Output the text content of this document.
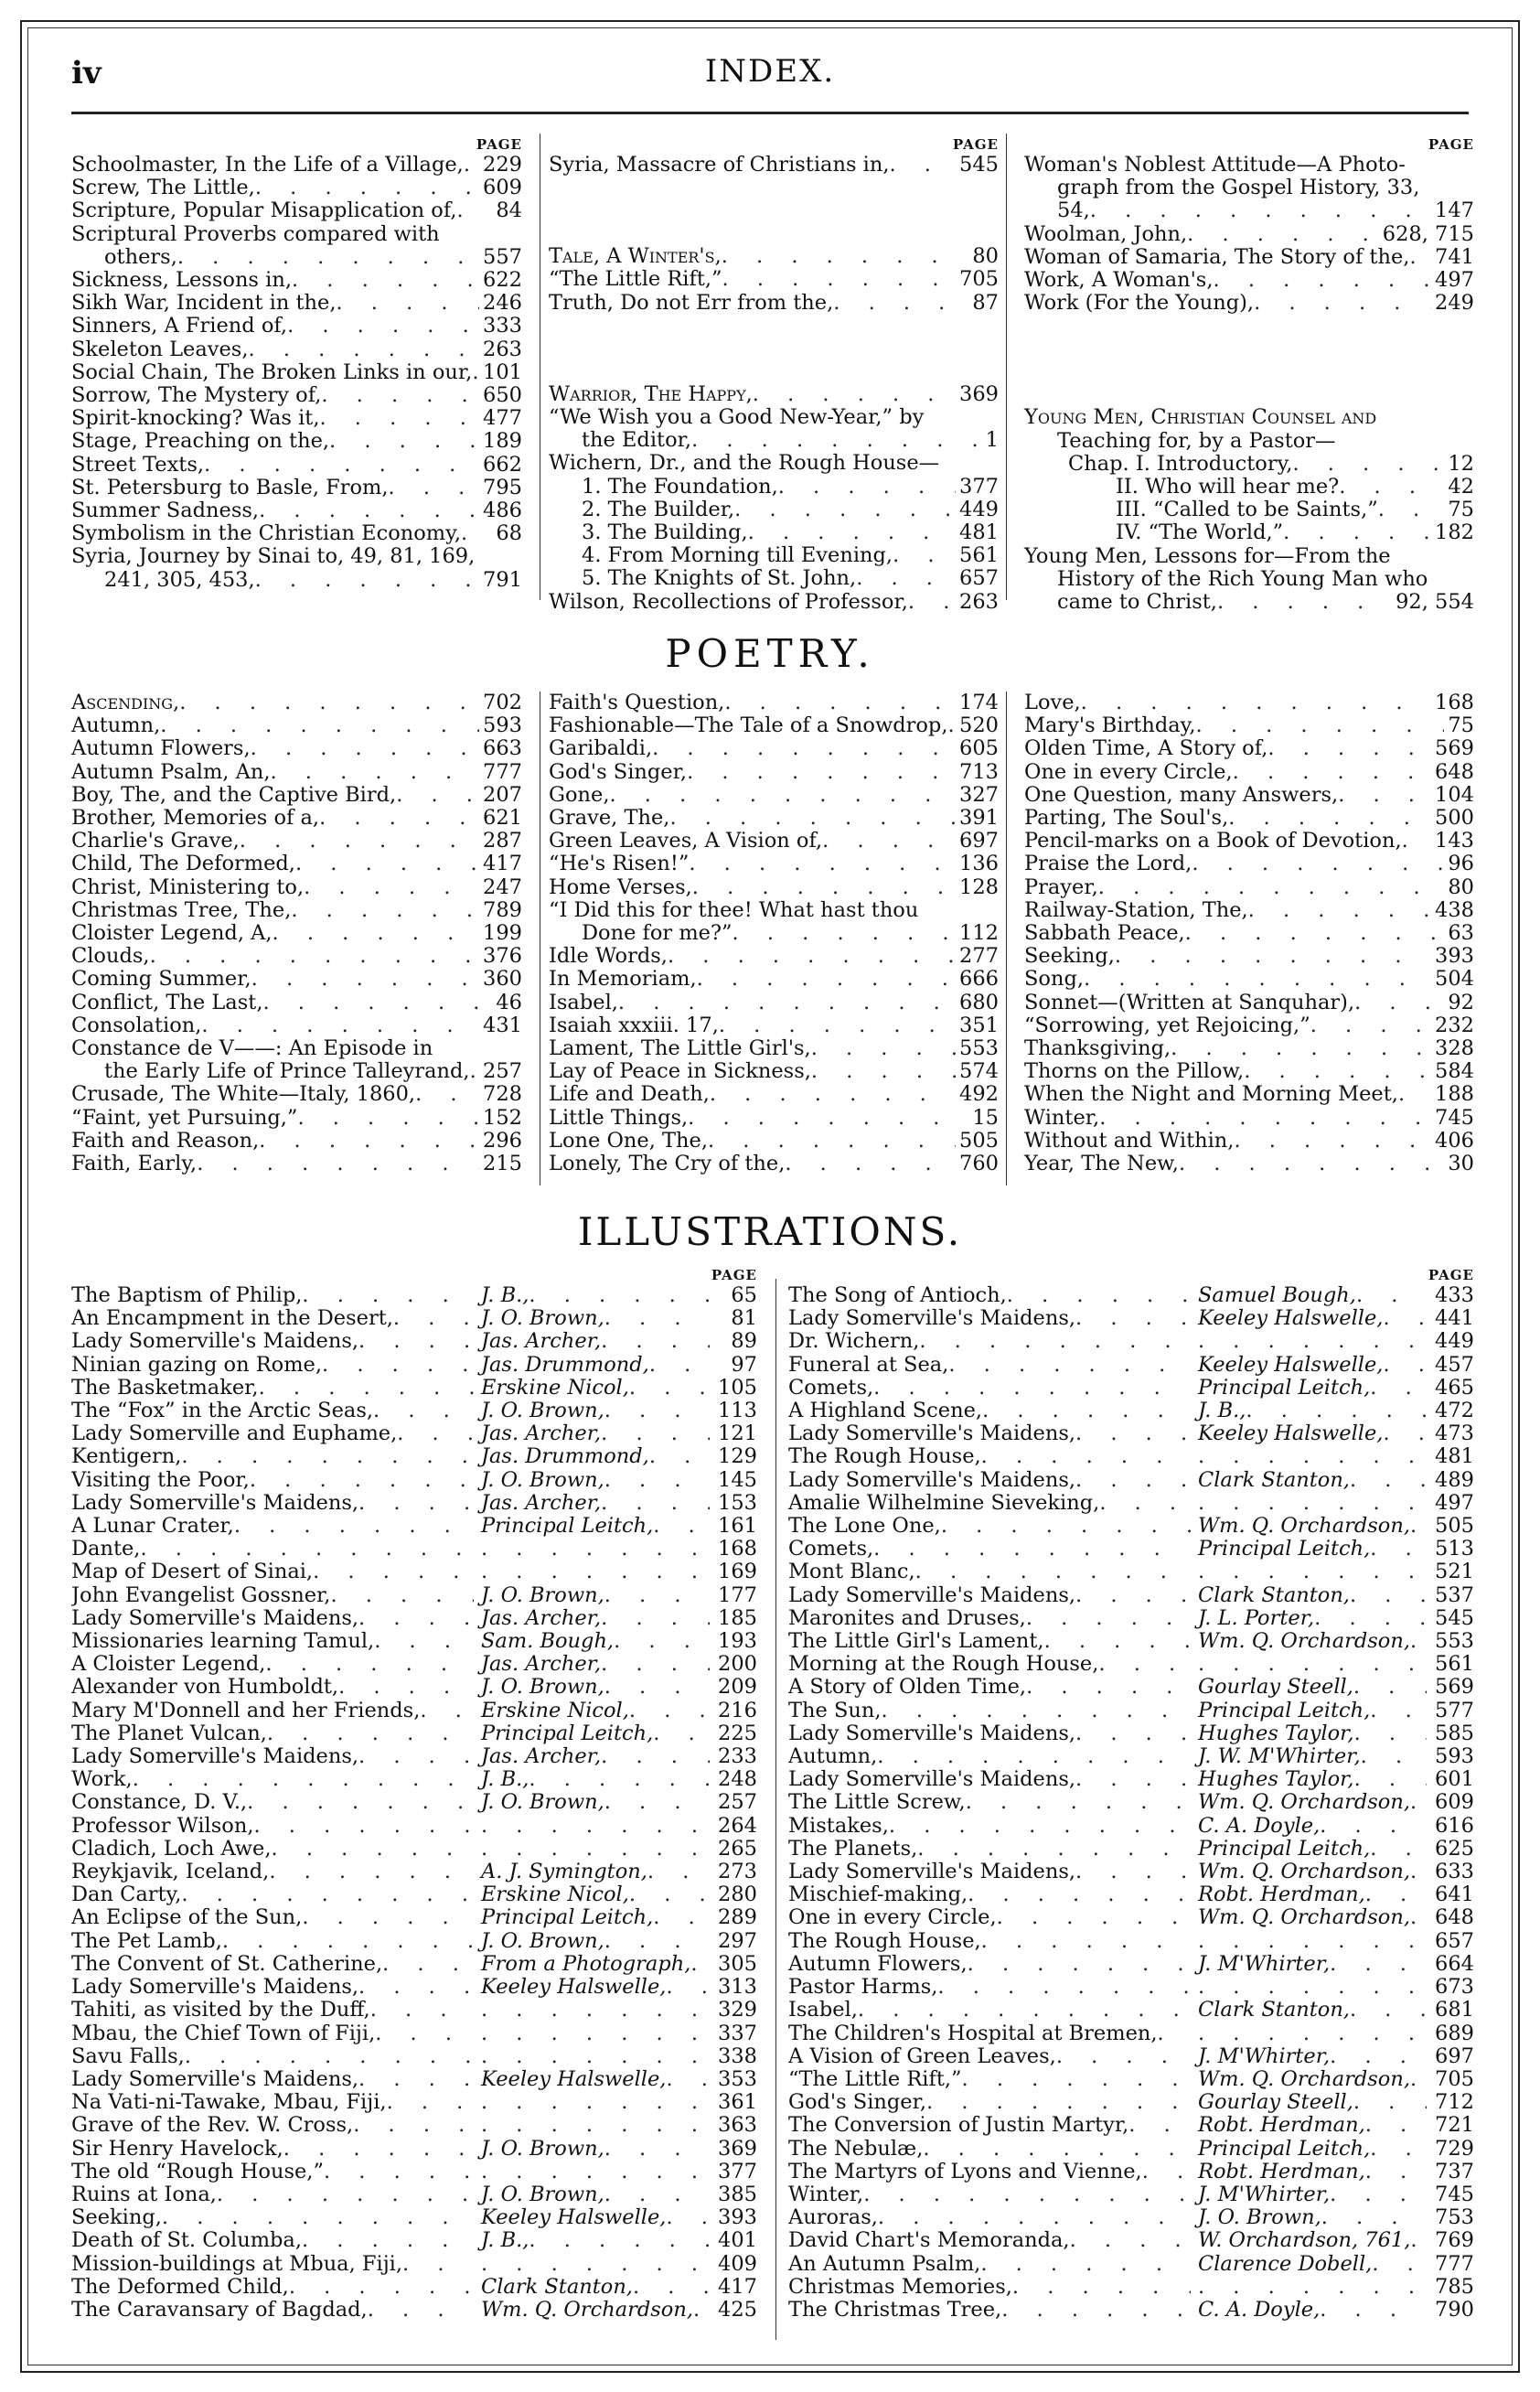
iv	INDEX.
PAGE
Schoolmaster, In the Life of a Village, . . . 229
Screw, The Little, . . .	609
Scripture, Popular Misapplication of, . . . 84
Scriptural Proverbs compared with
others, . . .	557
Sickness, Lessons in, . . .	622
Sikh War, Incident in the, . . .	246
Sinners, A Friend of, . . .	333
Skeleton Leaves, . . .	263
Social Chain, The Broken Links in our, . . . 101
Sorrow, The Mystery of, . . .	650
Spirit-knocking? Was it, . . .	477
Stage, Preaching on the, . . .	189
Street Texts, . . .	662
St. Petersburg to Basle, From, . . .	795
Summer Sadness, . . .	486
Symbolism in the Christian Economy, . . . 68
Syria, Journey by Sinai to, 49, 81, 169,
241, 305, 453, . . .	791
PAGE
Syria, Massacre of Christians in, . . .	545
Tale, A Winter's, . . .	80
“The Little Rift,” . . .	705
Truth, Do not Err from the, . . .	87
Warrior, The Happy, . . .	369
“We Wish you a Good New-Year,” by
the Editor, . . .	1
Wichern, Dr., and the Rough House—
1. The Foundation, . . .	377
2. The Builder, . . .	449
3. The Building, . . .	481
4. From Morning till Evening, . . .	561
5. The Knights of St. John, . . .	657
Wilson, Recollections of Professor, . . . 263
PAGE
Woman's Noblest Attitude—A Photo-
graph from the Gospel History, 33,
54, . . .	147
Woolman, John, . . .	628, 715
Woman of Samaria, The Story of the, . . . 741
Work, A Woman's, . . .	497
Work (For the Young), . . .	249
Young Men, Christian Counsel and
Teaching for, by a Pastor—
Chap. I. Introductory, . . .	12
II. Who will hear me? . . .	42
III. “Called to be Saints,” . . .	75
IV. “The World,” . . .	182
Young Men, Lessons for—From the
History of the Rich Young Man who
came to Christ, . . .	92, 554
POETRY.
Ascending, . . .	702
Autumn, . . .	593
Autumn Flowers, . . .	663
Autumn Psalm, An, . . .	777
Boy, The, and the Captive Bird, . . .	207
Brother, Memories of a, . . .	621
Charlie's Grave, . . .	287
Child, The Deformed, . . .	417
Christ, Ministering to, . . .	247
Christmas Tree, The, . . .	789
Cloister Legend, A, . . .	199
Clouds, . . .	376
Coming Summer, . . .	360
Conflict, The Last, . . .	46
Consolation, . . .	431
Constance de V——: An Episode in
the Early Life of Prince Talleyrand, . . . 257
Crusade, The White—Italy, 1860, . . .	728
“Faint, yet Pursuing,” . . .	152
Faith and Reason, . . .	296
Faith, Early, . . .	215
Faith's Question, . . .	174
Fashionable—The Tale of a Snowdrop, . . . 520
Garibaldi, . . .	605
God's Singer, . . .	713
Gone, . . .	327
Grave, The, . . .	391
Green Leaves, A Vision of, . . .	697
“He's Risen!” . . .	136
Home Verses, . . .	128
“I Did this for thee! What hast thou
Done for me?” . . .	112
Idle Words, . . .	277
In Memoriam, . . .	666
Isabel, . . .	680
Isaiah xxxiii. 17, . . .	351
Lament, The Little Girl's, . . .	553
Lay of Peace in Sickness, . . .	574
Life and Death, . . .	492
Little Things, . . .	15
Lone One, The, . . .	505
Lonely, The Cry of the, . . .	760
Love, . . .	168
Mary's Birthday, . . .	75
Olden Time, A Story of, . . .	569
One in every Circle, . . .	648
One Question, many Answers, . . .	104
Parting, The Soul's, . . .	500
Pencil-marks on a Book of Devotion, . . . 143
Praise the Lord, . . .	96
Prayer, . . .	80
Railway-Station, The, . . .	438
Sabbath Peace, . . .	63
Seeking, . . .	393
Song, . . .	504
Sonnet—(Written at Sanquhar), . . .	92
“Sorrowing, yet Rejoicing,” . . .	232
Thanksgiving, . . .	328
Thorns on the Pillow, . . .	584
When the Night and Morning Meet, . . . 188
Winter, . . .	745
Without and Within, . . .	406
Year, The New, . . .	30
ILLUSTRATIONS.
PAGE
The Baptism of Philip, . . .	J. B., . . .	65
An Encampment in the Desert, . . .	J. O. Brown, . . .	81
Lady Somerville's Maidens, . . .	Jas. Archer, . . .	89
Ninian gazing on Rome, . . .	Jas. Drummond, . . .	97
The Basketmaker, . . .	Erskine Nicol, . . .	105
The “Fox” in the Arctic Seas, . . .	J. O. Brown, . . .	113
Lady Somerville and Euphame, . . .	Jas. Archer, . . .	121
Kentigern, . . .	Jas. Drummond, . . .	129
Visiting the Poor, . . .	J. O. Brown, . . .	145
Lady Somerville's Maidens, . . .	Jas. Archer, . . .	153
A Lunar Crater, . . .	Principal Leitch, . . .	161
Dante, . . . . . .	168
Map of Desert of Sinai, . . . . . .	169
John Evangelist Gossner, . . .	J. O. Brown, . . .	177
Lady Somerville's Maidens, . . .	Jas. Archer, . . .	185
Missionaries learning Tamul, . . .	Sam. Bough, . . .	193
A Cloister Legend, . . .	Jas. Archer, . . .	200
Alexander von Humboldt, . . .	J. O. Brown, . . .	209
Mary M'Donnell and her Friends, . . .	Erskine Nicol, . . .	216
The Planet Vulcan, . . .	Principal Leitch, . . .	225
Lady Somerville's Maidens, . . .	Jas. Archer, . . .	233
Work, . . .	J. B., . . .	248
Constance, D. V., . . .	J. O. Brown, . . .	257
Professor Wilson, . . . . . .	264
Cladich, Loch Awe, . . . . . .	265
Reykjavik, Iceland, . . .	A. J. Symington, . . .	273
Dan Carty, . . .	Erskine Nicol, . . .	280
An Eclipse of the Sun, . . .	Principal Leitch, . . .	289
The Pet Lamb, . . .	J. O. Brown, . . .	297
The Convent of St. Catherine, . . .	From a Photograph, . . .	305
Lady Somerville's Maidens, . . .	Keeley Halswelle, . . .	313
Tahiti, as visited by the Duff, . . . . . .	329
Mbau, the Chief Town of Fiji, . . . . . .	337
Savu Falls, . . . . . .	338
Lady Somerville's Maidens, . . .	Keeley Halswelle, . . .	353
Na Vati-ni-Tawake, Mbau, Fiji, . . . . . .	361
Grave of the Rev. W. Cross, . . . . . .	363
Sir Henry Havelock, . . .	J. O. Brown, . . .	369
The old “Rough House,” . . . . . .	377
Ruins at Iona, . . .	J. O. Brown, . . .	385
Seeking, . . .	Keeley Halswelle, . . .	393
Death of St. Columba, . . .	J. B., . . .	401
Mission-buildings at Mbua, Fiji, . . . . . .	409
The Deformed Child, . . .	Clark Stanton, . . .	417
The Caravansary of Bagdad, . . .	Wm. Q. Orchardson, . . .	425
PAGE
The Song of Antioch, . . .	Samuel Bough, . . .	433
Lady Somerville's Maidens, . . .	Keeley Halswelle, . . .	441
Dr. Wichern, . . . . . .	449
Funeral at Sea, . . .	Keeley Halswelle, . . .	457
Comets, . . .	Principal Leitch, . . .	465
A Highland Scene, . . .	J. B., . . .	472
Lady Somerville's Maidens, . . .	Keeley Halswelle, . . .	473
The Rough House, . . . . . .	481
Lady Somerville's Maidens, . . .	Clark Stanton, . . .	489
Amalie Wilhelmine Sieveking, . . . . . .	497
The Lone One, . . .	Wm. Q. Orchardson, . . .	505
Comets, . . .	Principal Leitch, . . .	513
Mont Blanc, . . . . . .	521
Lady Somerville's Maidens, . . .	Clark Stanton, . . .	537
Maronites and Druses, . . .	J. L. Porter, . . .	545
The Little Girl's Lament, . . .	Wm. Q. Orchardson, . . .	553
Morning at the Rough House, . . . . . .	561
A Story of Olden Time, . . .	Gourlay Steell, . . .	569
The Sun, . . .	Principal Leitch, . . .	577
Lady Somerville's Maidens, . . .	Hughes Taylor, . . .	585
Autumn, . . .	J. W. M'Whirter, . . .	593
Lady Somerville's Maidens, . . .	Hughes Taylor, . . .	601
The Little Screw, . . .	Wm. Q. Orchardson, . . .	609
Mistakes, . . .	C. A. Doyle, . . .	616
The Planets, . . .	Principal Leitch, . . .	625
Lady Somerville's Maidens, . . .	Wm. Q. Orchardson, . . .	633
Mischief-making, . . .	Robt. Herdman, . . .	641
One in every Circle, . . .	Wm. Q. Orchardson, . . .	648
The Rough House, . . . . . .	657
Autumn Flowers, . . .	J. M'Whirter, . . .	664
Pastor Harms, . . . . . .	673
Isabel, . . .	Clark Stanton, . . .	681
The Children's Hospital at Bremen, . . . . . .	689
A Vision of Green Leaves, . . .	J. M'Whirter, . . .	697
“The Little Rift,” . . .	Wm. Q. Orchardson, . . .	705
God's Singer, . . .	Gourlay Steell, . . .	712
The Conversion of Justin Martyr, . . .	Robt. Herdman, . . .	721
The Nebulæ, . . .	Principal Leitch, . . .	729
The Martyrs of Lyons and Vienne, . . .	Robt. Herdman, . . .	737
Winter, . . .	J. M'Whirter, . . .	745
Auroras, . . .	J. O. Brown, . . .	753
David Chart's Memoranda, . . .	W. Orchardson, 761, . . .	769
An Autumn Psalm, . . .	Clarence Dobell, . . .	777
Christmas Memories, . . . . . .	785
The Christmas Tree, . . .	C. A. Doyle, . . .	790
